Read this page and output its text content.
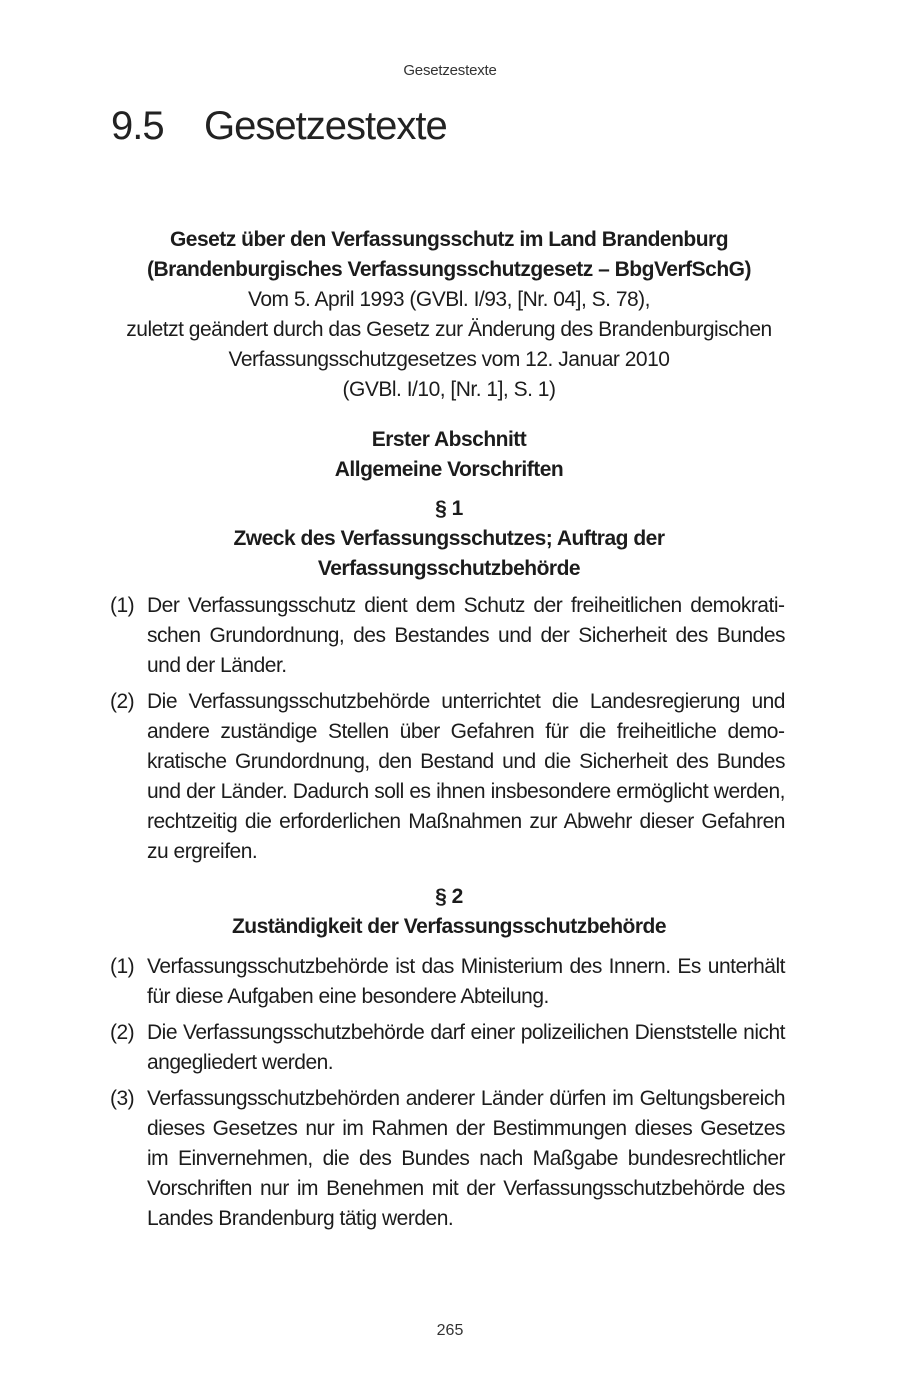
Gesetzestexte
9.5 Gesetzestexte
Gesetz über den Verfassungsschutz im Land Brandenburg
(Brandenburgisches Verfassungsschutzgesetz – BbgVerfSchG)
Vom 5. April 1993 (GVBl. I/93, [Nr. 04], S. 78),
zuletzt geändert durch das Gesetz zur Änderung des Brandenburgischen
Verfassungsschutzgesetzes vom 12. Januar 2010
(GVBl. I/10, [Nr. 1], S. 1)
Erster Abschnitt
Allgemeine Vorschriften
§ 1
Zweck des Verfassungsschutzes; Auftrag der
Verfassungsschutzbehörde
(1) Der Verfassungsschutz dient dem Schutz der freiheitlichen demokratischen Grundordnung, des Bestandes und der Sicherheit des Bundes und der Länder.
(2) Die Verfassungsschutzbehörde unterrichtet die Landesregierung und andere zuständige Stellen über Gefahren für die freiheitliche demokratische Grundordnung, den Bestand und die Sicherheit des Bundes und der Länder. Dadurch soll es ihnen insbesondere ermöglicht werden, rechtzeitig die erforderlichen Maßnahmen zur Abwehr dieser Gefahren zu ergreifen.
§ 2
Zuständigkeit der Verfassungsschutzbehörde
(1) Verfassungsschutzbehörde ist das Ministerium des Innern. Es unterhält für diese Aufgaben eine besondere Abteilung.
(2) Die Verfassungsschutzbehörde darf einer polizeilichen Dienststelle nicht angegliedert werden.
(3) Verfassungsschutzbehörden anderer Länder dürfen im Geltungsbereich dieses Gesetzes nur im Rahmen der Bestimmungen dieses Gesetzes im Einvernehmen, die des Bundes nach Maßgabe bundesrechtlicher Vorschriften nur im Benehmen mit der Verfassungsschutzbehörde des Landes Brandenburg tätig werden.
265
